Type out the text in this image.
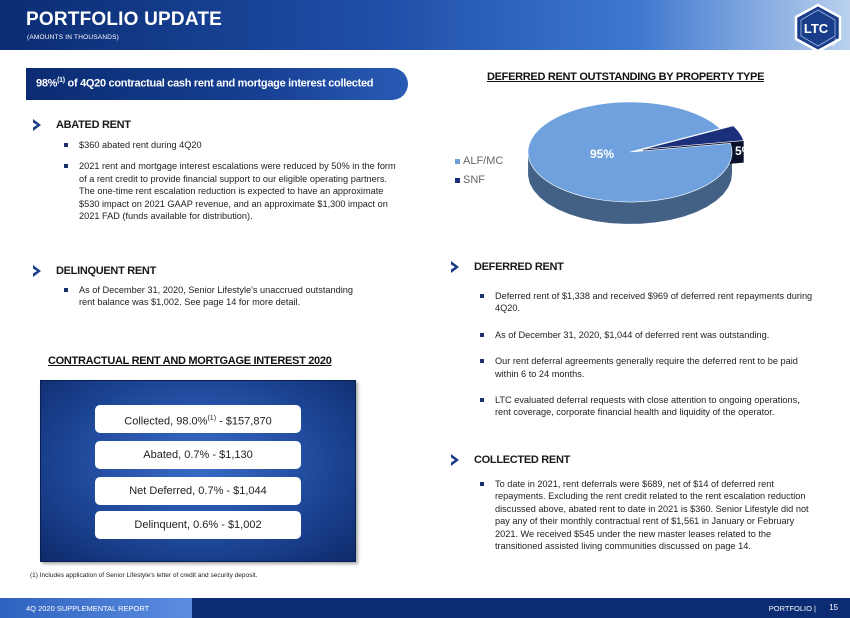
PORTFOLIO UPDATE
(AMOUNTS IN THOUSANDS)
LTC
REIT
98%$^{(1)}$ of 4Q20 contractual cash rent and mortgage interest collected
ABATED RENT
$360 abated rent during 4Q20
2021 rent and mortgage interest escalations were reduced by 50% in the form of a rent credit to provide financial support to our eligible operating partners. The one-time rent escalation reduction is expected to have an approximate $530 impact on 2021 GAAP revenue, and an approximate $1,300 impact on 2021 FAD (funds available for distribution).
DELINQUENT RENT
As of December 31, 2020, Senior Lifestyle's unaccrued outstanding rent balance was $1,002. See page 14 for more detail.
CONTRACTUAL RENT AND MORTGAGE INTEREST 2020
Collected, 98.0%$^{(1)}$ - $157,870
Abated, 0.7% - $1,130
Net Deferred, 0.7% - $1,044
Delinquent, 0.6% - $1,002
(1) Includes application of Senior Lifestyle's letter of credit and security deposit.
DEFERRED RENT OUTSTANDING BY PROPERTY TYPE
95%	5%
ALF/MC
SNF
DEFERRED RENT
Deferred rent of $1,338 and received $969 of deferred rent repayments during 4Q20.
As of December 31, 2020, $1,044 of deferred rent was outstanding.
Our rent deferral agreements generally require the deferred rent to be paid within 6 to 24 months.
LTC evaluated deferral requests with close attention to ongoing operations, rent coverage, corporate financial health and liquidity of the operator.
COLLECTED RENT
To date in 2021, rent deferrals were $689, net of $14 of deferred rent repayments. Excluding the rent credit related to the rent escalation reduction discussed above, abated rent to date in 2021 is $360. Senior Lifestyle did not pay any of their monthly contractual rent of $1,561 in January or February 2021. We received $545 under the new master leases related to the transitioned assisted living communities discussed on page 14.
4Q 2020 SUPPLEMENTAL REPORT	PORTFOLIO | 15
